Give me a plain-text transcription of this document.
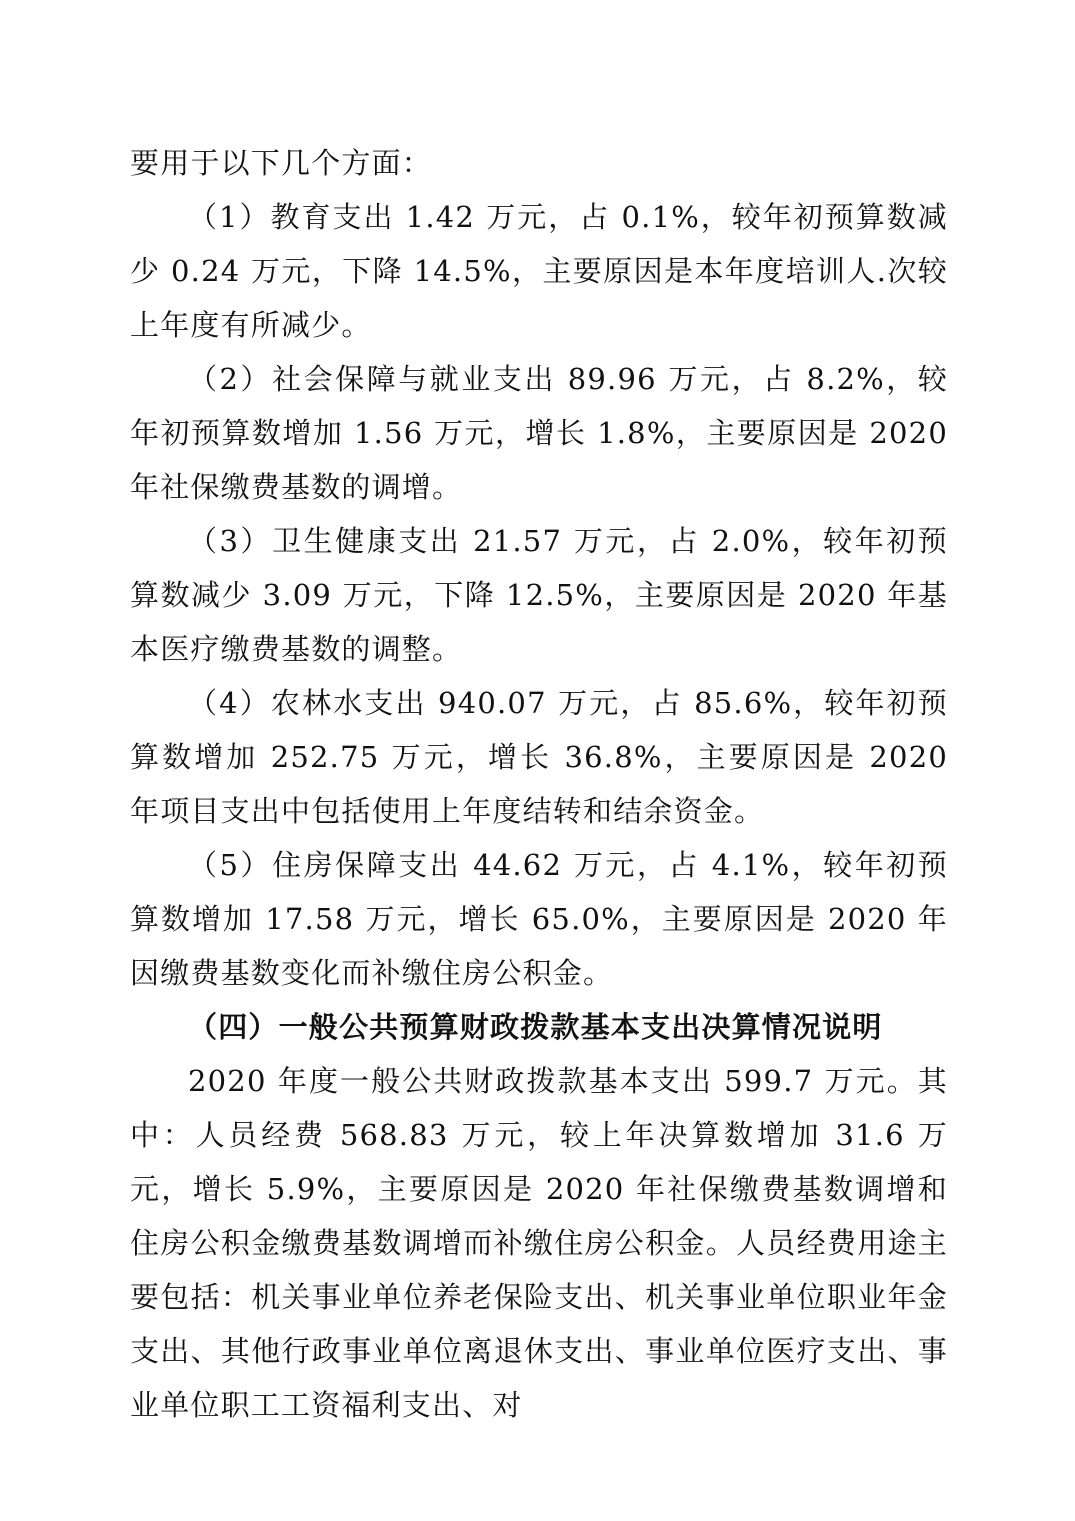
要用于以下几个方面：

（1）教育支出 1.42 万元，占 0.1%，较年初预算数减少 0.24 万元，下降 14.5%，主要原因是本年度培训人.次较上年度有所减少。

（2）社会保障与就业支出 89.96 万元，占 8.2%，较年初预算数增加 1.56 万元，增长 1.8%，主要原因是 2020 年社保缴费基数的调增。

（3）卫生健康支出 21.57 万元，占 2.0%，较年初预算数减少 3.09 万元，下降 12.5%，主要原因是 2020 年基本医疗缴费基数的调整。

（4）农林水支出 940.07 万元，占 85.6%，较年初预算数增加 252.75 万元，增长 36.8%，主要原因是 2020 年项目支出中包括使用上年度结转和结余资金。

（5）住房保障支出 44.62 万元，占 4.1%，较年初预算数增加 17.58 万元，增长 65.0%，主要原因是 2020 年因缴费基数变化而补缴住房公积金。

（四）一般公共预算财政拨款基本支出决算情况说明

2020 年度一般公共财政拨款基本支出 599.7 万元。其中：人员经费 568.83 万元，较上年决算数增加 31.6 万元，增长 5.9%，主要原因是 2020 年社保缴费基数调增和住房公积金缴费基数调增而补缴住房公积金。人员经费用途主要包括：机关事业单位养老保险支出、机关事业单位职业年金支出、其他行政事业单位离退休支出、事业单位医疗支出、事业单位职工工资福利支出、对
